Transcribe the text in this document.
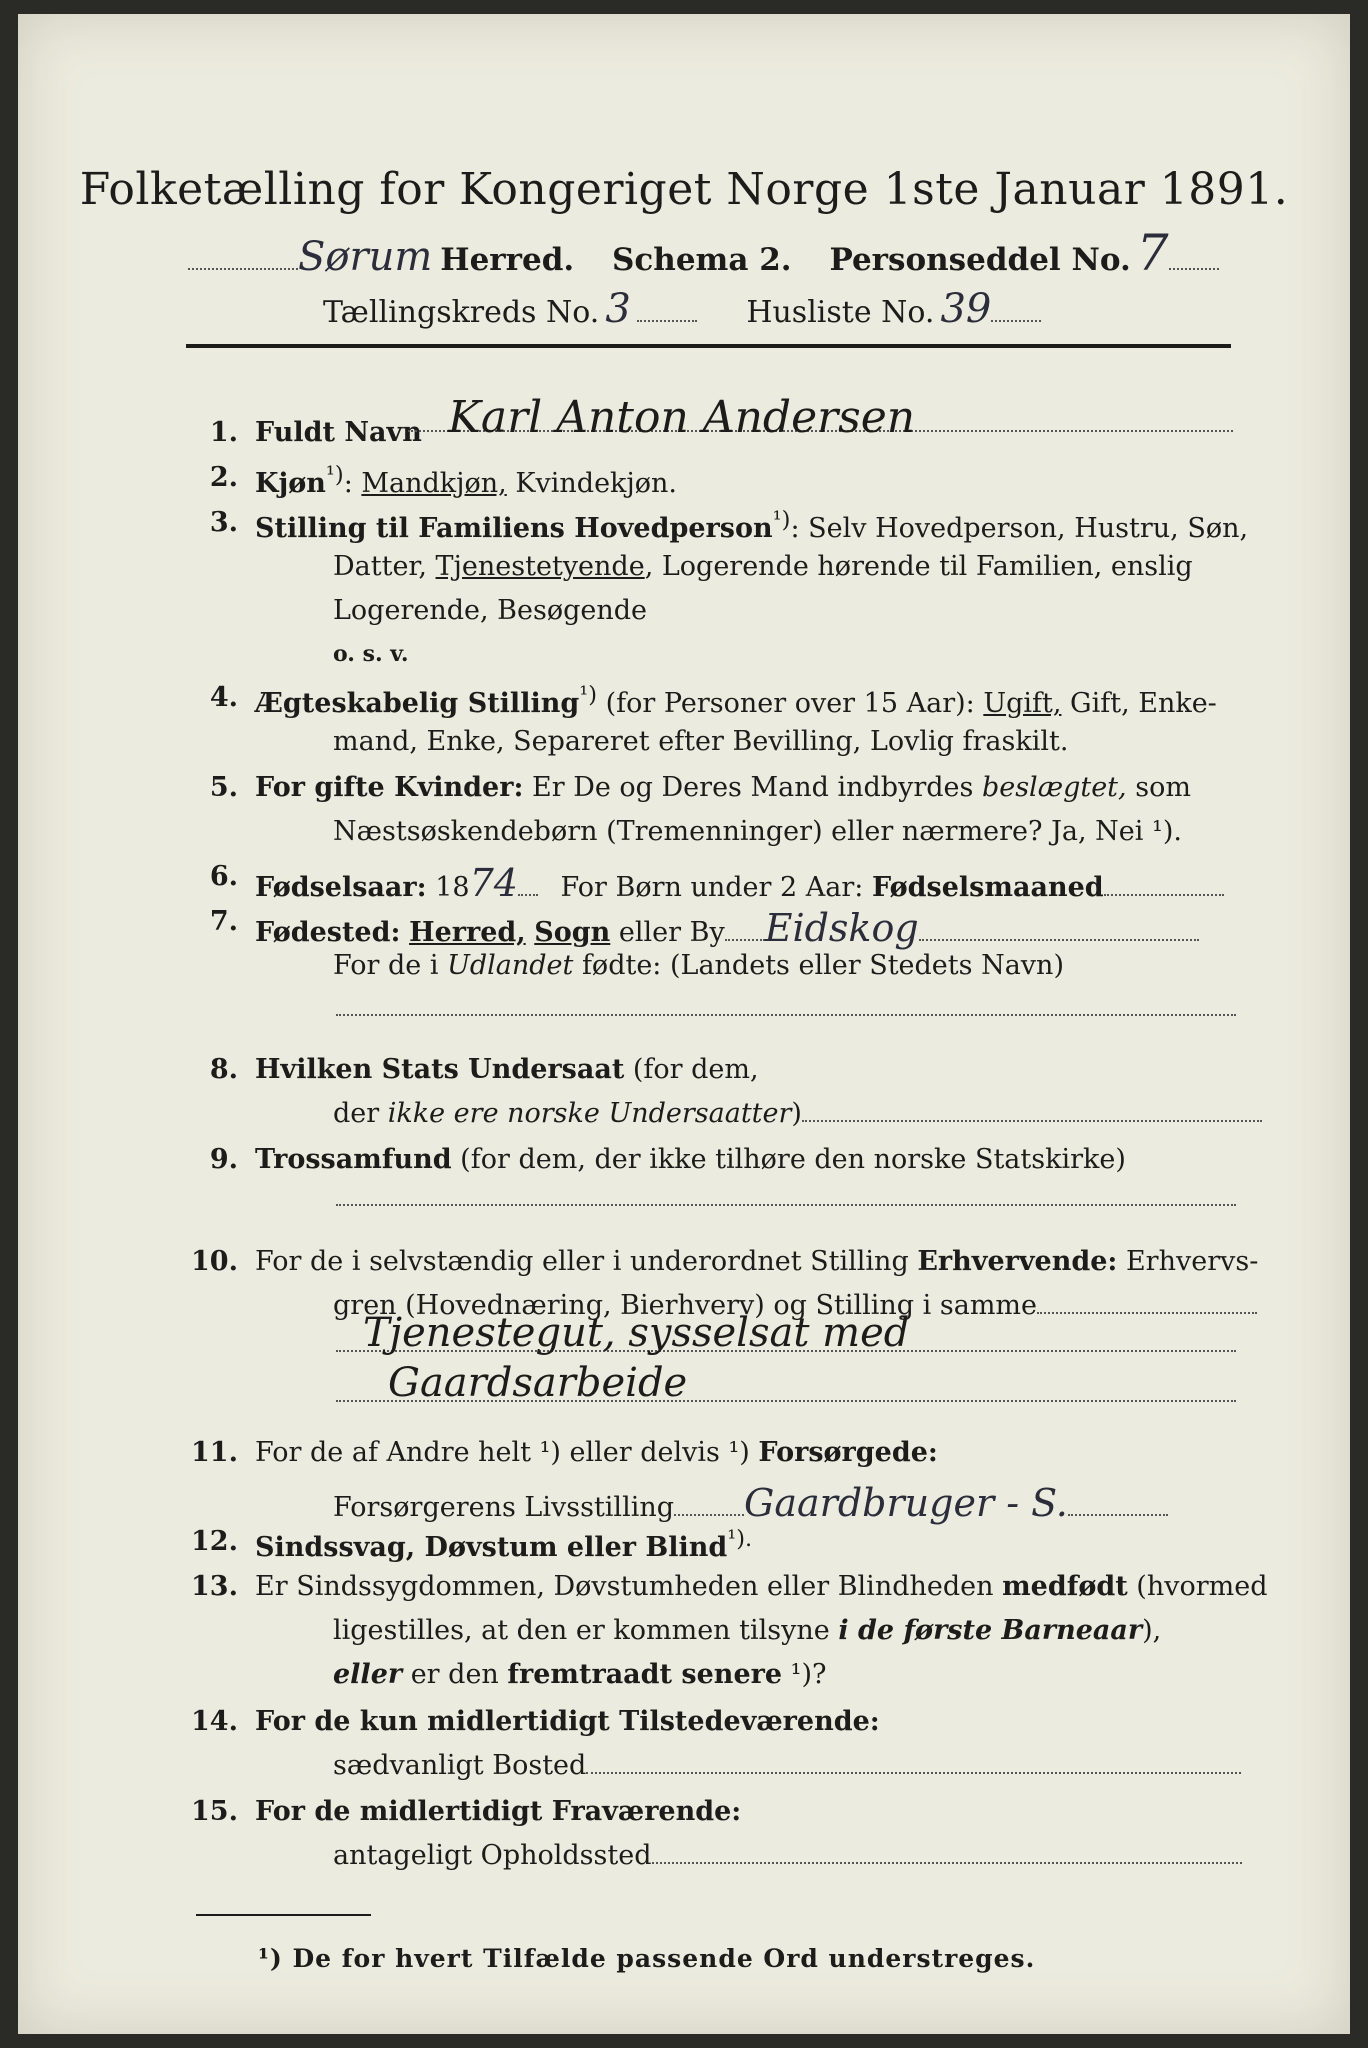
Folketælling for Kongeriget Norge 1ste Januar 1891.
Sørum Herred. Schema 2. Personseddel No. 7
Tællingskreds No. 3	Husliste No. 39
1. Fuldt Navn Karl Anton Andersen
2. Kjøn$^{^1)}$: Mandkjøn, Kvindekjøn.
3. Stilling til Familiens Hovedperson$^{^1)}$: Selv Hovedperson, Hustru, Søn,
Datter, Tjenestetyende, Logerende hørende til Familien, enslig
Logerende, Besøgende
o. s. v.
4. Ægteskabelig Stilling$^{^1)}$ (for Personer over 15 Aar): Ugift, Gift, Enke-
mand, Enke, Separeret efter Bevilling, Lovlig fraskilt.
5. For gifte Kvinder: Er De og Deres Mand indbyrdes beslægtet, som
Næstsøskendebørn (Tremenninger) eller nærmere? Ja, Nei ¹).
6. Fødselsaar: 1874 For Børn under 2 Aar: Fødselsmaaned
7. Fødested: Herred, Sogn eller By Eidskog
For de i Udlandet fødte: (Landets eller Stedets Navn)
8. Hvilken Stats Undersaat (for dem,
der ikke ere norske Undersaatter)
9. Trossamfund (for dem, der ikke tilhøre den norske Statskirke)
10. For de i selvstændig eller i underordnet Stilling Erhvervende: Erhvervs-
gren (Hovednæring, Bierhverv) og Stilling i samme
Tjenestegut, sysselsat med
Gaardsarbeide
11. For de af Andre helt ¹) eller delvis ¹) Forsørgede:
Forsørgerens Livsstilling Gaardbruger - S.
12. Sindssvag, Døvstum eller Blind$^{^1).}$
13. Er Sindssygdommen, Døvstumheden eller Blindheden medfødt (hvormed
ligestilles, at den er kommen tilsyne i de første Barneaar),
eller er den fremtraadt senere ¹)?
14. For de kun midlertidigt Tilstedeværende:
sædvanligt Bosted
15. For de midlertidigt Fraværende:
antageligt Opholdssted
¹) De for hvert Tilfælde passende Ord understreges.
